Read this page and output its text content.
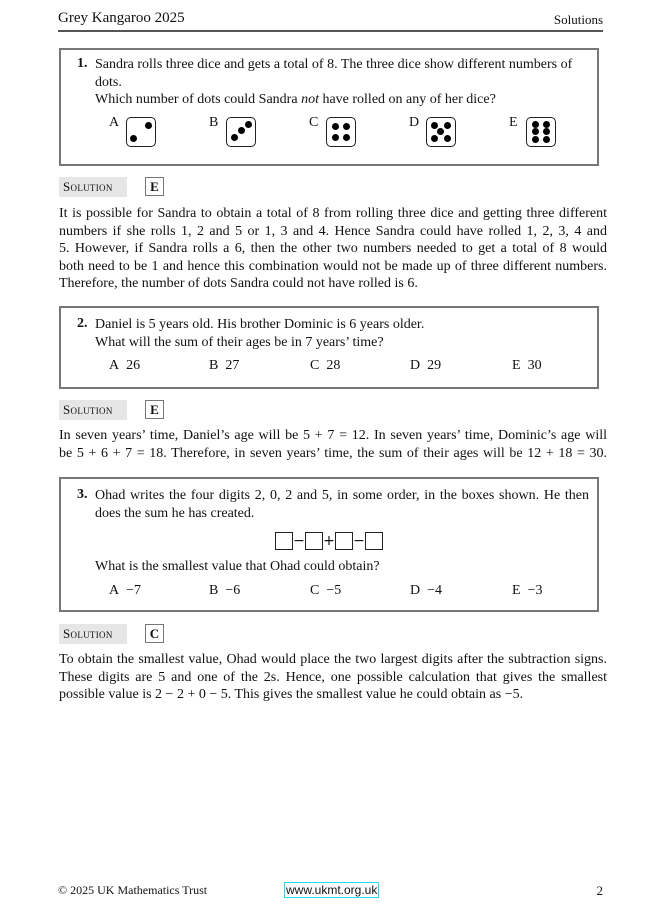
Grey Kangaroo 2025	Solutions
1. Sandra rolls three dice and gets a total of 8. The three dice show different numbers of
dots.
Which number of dots could Sandra not have rolled on any of her dice?
A	B	C	D	E
Solution	E
It is possible for Sandra to obtain a total of 8 from rolling three dice and getting three different
numbers if she rolls 1, 2 and 5 or 1, 3 and 4. Hence Sandra could have rolled 1, 2, 3, 4 and
5. However, if Sandra rolls a 6, then the other two numbers needed to get a total of 8 would
both need to be 1 and hence this combination would not be made up of three different numbers.
Therefore, the number of dots Sandra could not have rolled is 6.
2. Daniel is 5 years old. His brother Dominic is 6 years older.
What will the sum of their ages be in 7 years’ time?
A 26	B 27	C 28	D 29	E 30
Solution	E
In seven years’ time, Daniel’s age will be 5 + 7 = 12. In seven years’ time, Dominic’s age will
be 5 + 6 + 7 = 18. Therefore, in seven years’ time, the sum of their ages will be 12 + 18 = 30.
3. Ohad writes the four digits 2, 0, 2 and 5, in some order, in the boxes shown. He then
does the sum he has created.
− + −
What is the smallest value that Ohad could obtain?
A −7	B −6	C −5	D −4	E −3
Solution	C
To obtain the smallest value, Ohad would place the two largest digits after the subtraction signs.
These digits are 5 and one of the 2s. Hence, one possible calculation that gives the smallest
possible value is 2 − 2 + 0 − 5. This gives the smallest value he could obtain as −5.
© 2025 UK Mathematics Trust	www.ukmt.org.uk	2
